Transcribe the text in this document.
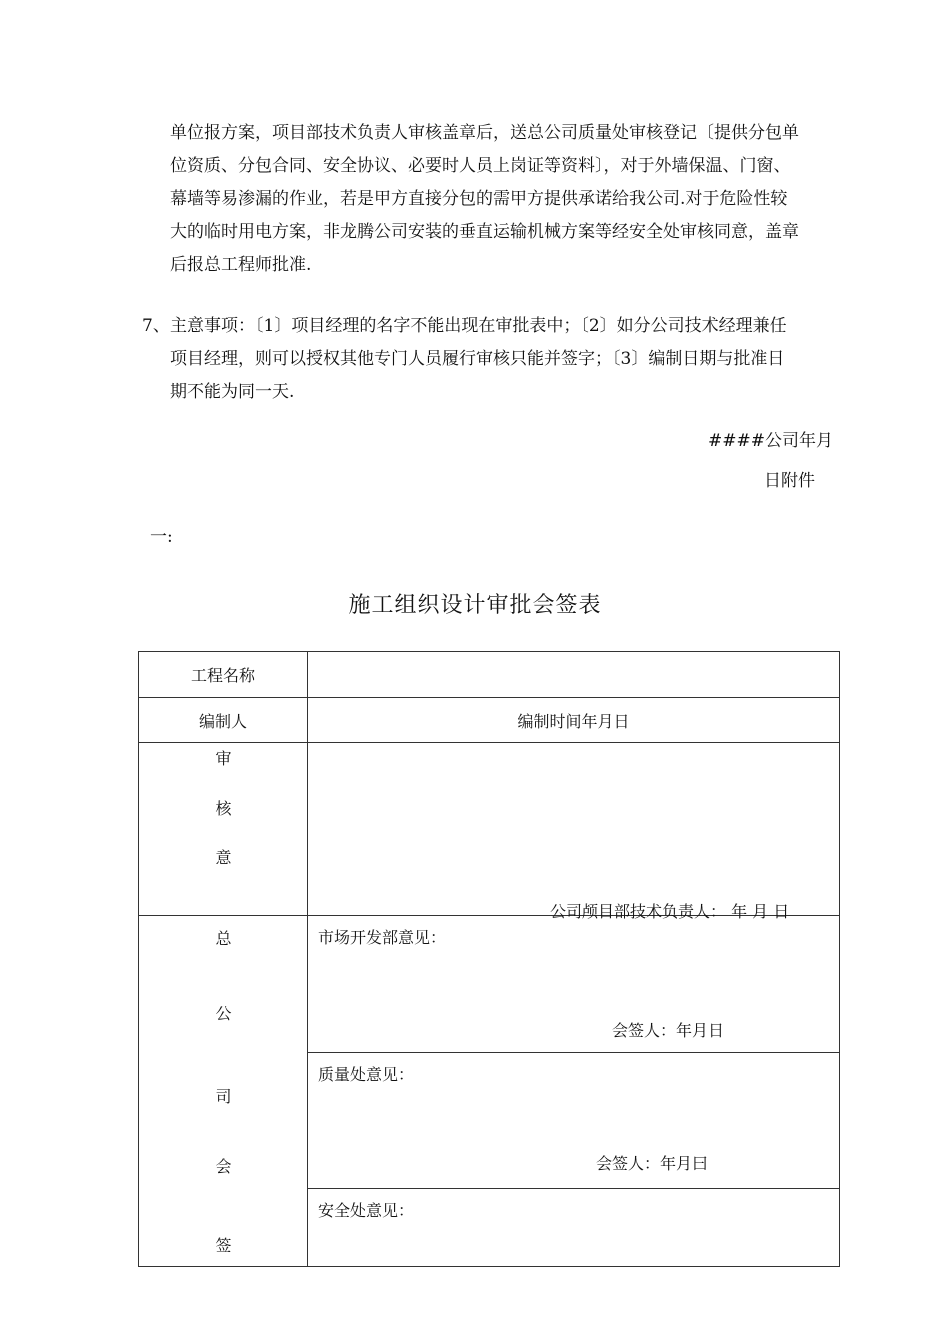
单位报方案，项目部技术负责人审核盖章后，送总公司质量处审核登记〔提供分包单
位资质、分包合同、安全协议、必要时人员上岗证等资料〕，对于外墙保温、门窗、
幕墙等易渗漏的作业，若是甲方直接分包的需甲方提供承诺给我公司.对于危险性较
大的临时用电方案，非龙腾公司安装的垂直运输机械方案等经安全处审核同意，盖章
后报总工程师批准.
7、 主意事项：〔1〕项目经理的名字不能出现在审批表中；〔2〕如分公司技术经理兼任
项目经理，则可以授权其他专门人员履行审核只能并签字；〔3〕编制日期与批准日
期不能为同一天.
####公司年月
日附件
一:
施工组织设计审批会签表
工程名称	
编制人	编制时间年月日

审
核
意	公司颅目部技术负责人： 年 月 日

总
公
司
会
签	市场开发部意见：
会签人：年月日

	质量处意见：
会签人：年月曰

	安全处意见：
